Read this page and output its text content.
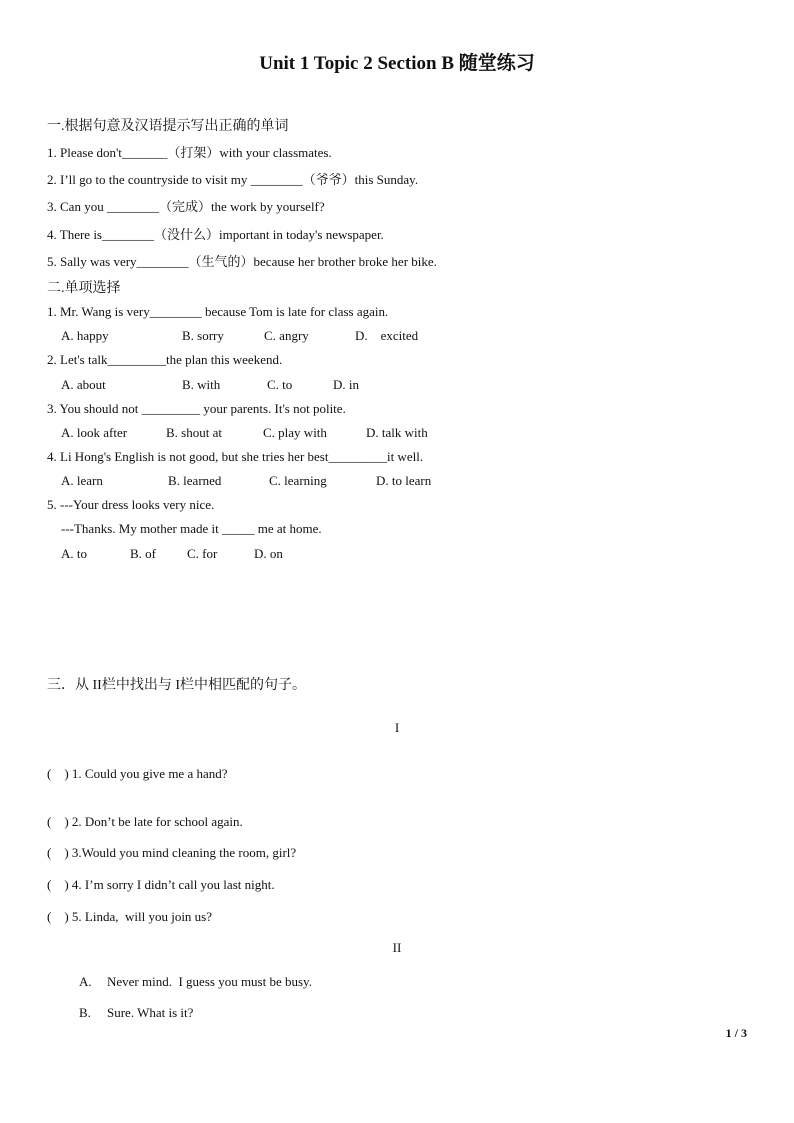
Unit 1 Topic 2 Section B 随堂练习
一.根据句意及汉语提示写出正确的单词
1. Please don't_______（打架）with your classmates.
2. I’ll go to the countryside to visit my ________（爷爷）this Sunday.
3. Can you ________（完成）the work by yourself?
4. There is________（没什么）important in today's newspaper.
5. Sally was very________（生气的）because her brother broke her bike.
二.单项选择
1. Mr. Wang is very________ because Tom is late for class again.
A. happy	B. sorry	C. angry	D.    excited
2. Let's talk_________the plan this weekend.
A. about	B. with	C. to	D. in
3. You should not _________ your parents. It's not polite.
A. look after	B. shout at	C. play with	D. talk with
4. Li Hong's English is not good, but she tries her best_________it well.
A. learn	B. learned	C. learning	D. to learn
5. ---Your dress looks very nice.
---Thanks. My mother made it _____ me at home.
A. to	B. of C. for	D. on
三．从 II栏中找出与 I栏中相匹配的句子。
I
(    ) 1. Could you give me a hand?
(    ) 2. Don’t be late for school again.
(    ) 3.Would you mind cleaning the room, girl?
(    ) 4. I’m sorry I didn’t call you last night.
(    ) 5. Linda,  will you join us?
II
A. Never mind.  I guess you must be busy.
B. Sure. What is it?
1 / 3
